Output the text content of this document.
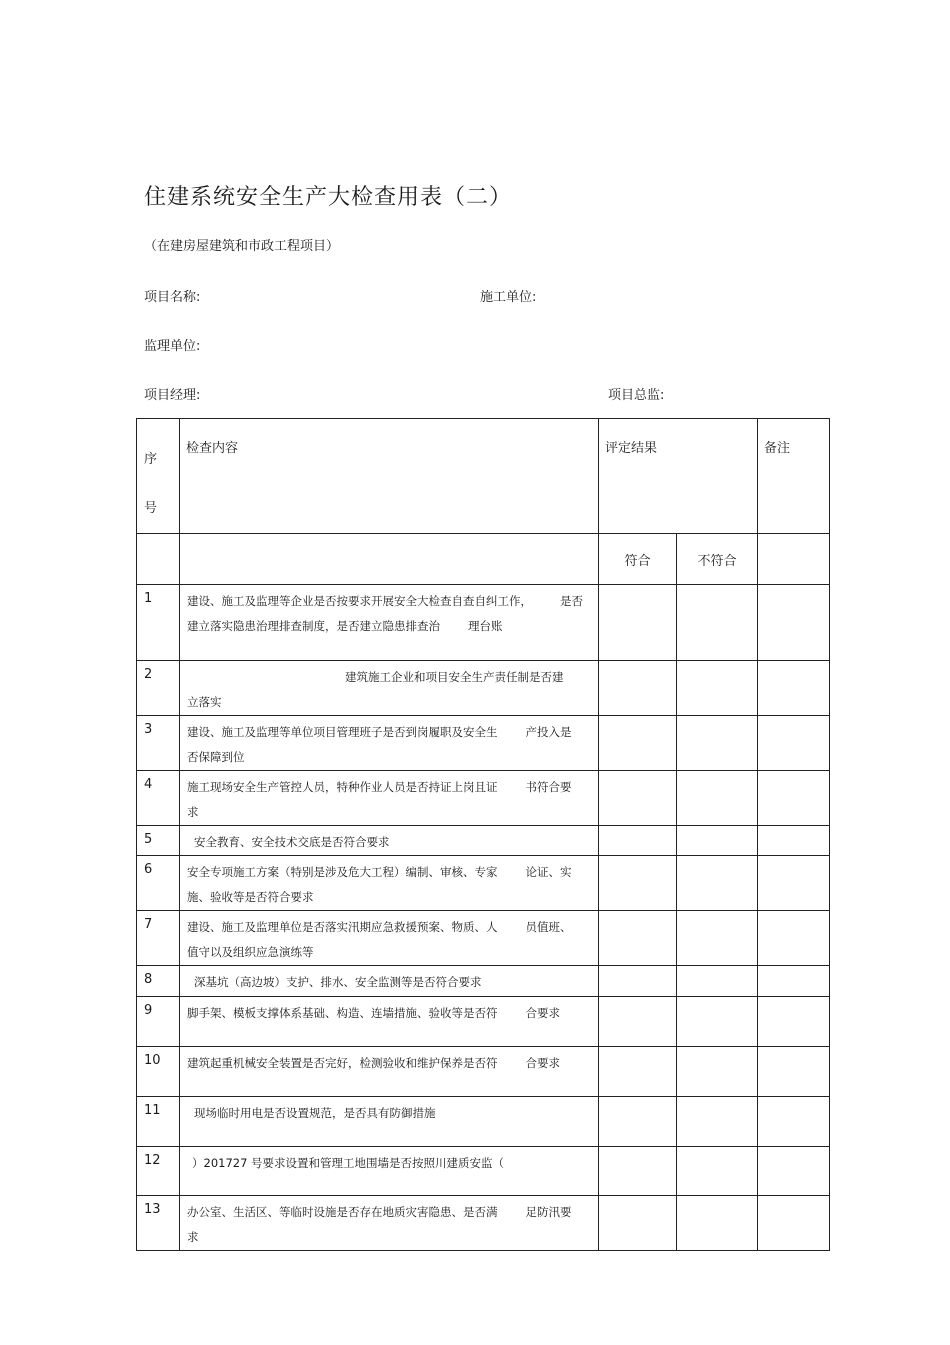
住建系统安全生产大检查用表（二）
（在建房屋建筑和市政工程项目）
项目名称:	施工单位:
监理单位:
项目经理:	项目总监:
序
号	检查内容	评定结果		备注
		符合	不符合	
1	建设、施工及监理等企业是否按要求开展安全大检查自查自纠工作， 是否
建立落实隐患治理排查制度，是否建立隐患排查治 理台账			
2	建筑施工企业和项目安全生产责任制是否建
立落实			
3	建设、施工及监理等单位项目管理班子是否到岗履职及安全生 产投入是
否保障到位			
4	施工现场安全生产管控人员，特种作业人员是否持证上岗且证 书符合要
求			
5	安全教育、安全技术交底是否符合要求			
6	安全专项施工方案（特别是涉及危大工程）编制、审核、专家 论证、实
施、验收等是否符合要求			
7	建设、施工及监理单位是否落实汛期应急救援预案、物质、人 员值班、
值守以及组织应急演练等			
8	深基坑（高边坡）支护、排水、安全监测等是否符合要求			
9	脚手架、模板支撑体系基础、构造、连墙措施、验收等是否符 合要求			
10	建筑起重机械安全装置是否完好，检测验收和维护保养是否符 合要求			
11	现场临时用电是否设置规范，是否具有防御措施			
12	）201727 号要求设置和管理工地围墙是否按照川建质安监（			
13	办公室、生活区、等临时设施是否存在地质灾害隐患、是否满 足防汛要
求			
